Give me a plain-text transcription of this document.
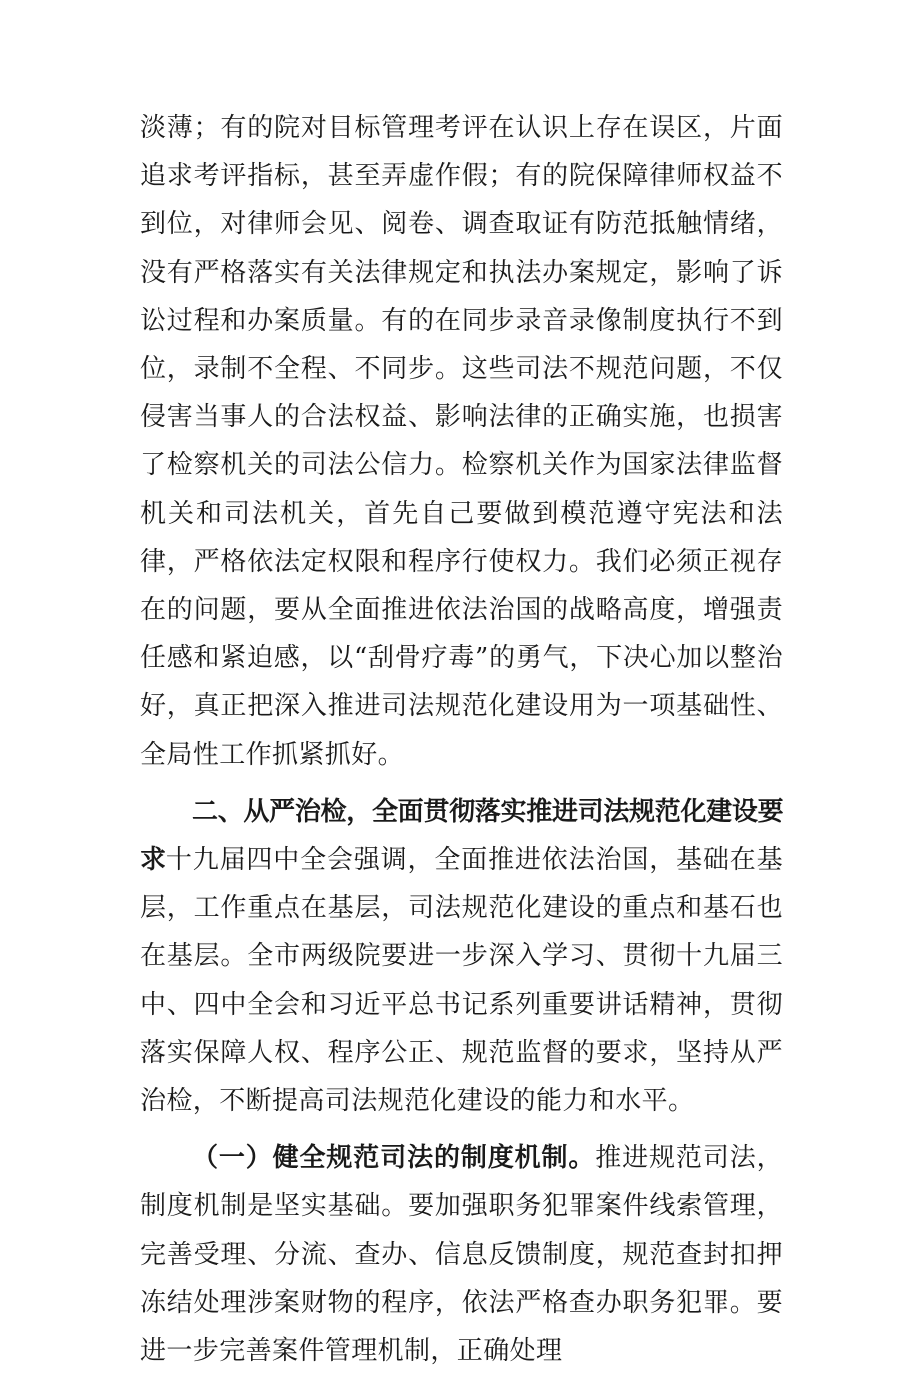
淡薄；有的院对目标管理考评在认识上存在误区，片面追求考评指标，甚至弄虚作假；有的院保障律师权益不到位，对律师会见、阅卷、调查取证有防范抵触情绪，没有严格落实有关法律规定和执法办案规定，影响了诉讼过程和办案质量。有的在同步录音录像制度执行不到位，录制不全程、不同步。这些司法不规范问题，不仅侵害当事人的合法权益、影响法律的正确实施，也损害了检察机关的司法公信力。检察机关作为国家法律监督机关和司法机关，首先自己要做到模范遵守宪法和法律，严格依法定权限和程序行使权力。我们必须正视存在的问题，要从全面推进依法治国的战略高度，增强责任感和紧迫感，以“刮骨疗毒”的勇气，下决心加以整治好，真正把深入推进司法规范化建设用为一项基础性、全局性工作抓紧抓好。

二、从严治检，全面贯彻落实推进司法规范化建设要求十九届四中全会强调，全面推进依法治国，基础在基层，工作重点在基层，司法规范化建设的重点和基石也在基层。全市两级院要进一步深入学习、贯彻十九届三中、四中全会和习近平总书记系列重要讲话精神，贯彻落实保障人权、程序公正、规范监督的要求，坚持从严治检，不断提高司法规范化建设的能力和水平。

（一）健全规范司法的制度机制。推进规范司法，制度机制是坚实基础。要加强职务犯罪案件线索管理，完善受理、分流、查办、信息反馈制度，规范查封扣押冻结处理涉案财物的程序，依法严格查办职务犯罪。要进一步完善案件管理机制，正确处理
